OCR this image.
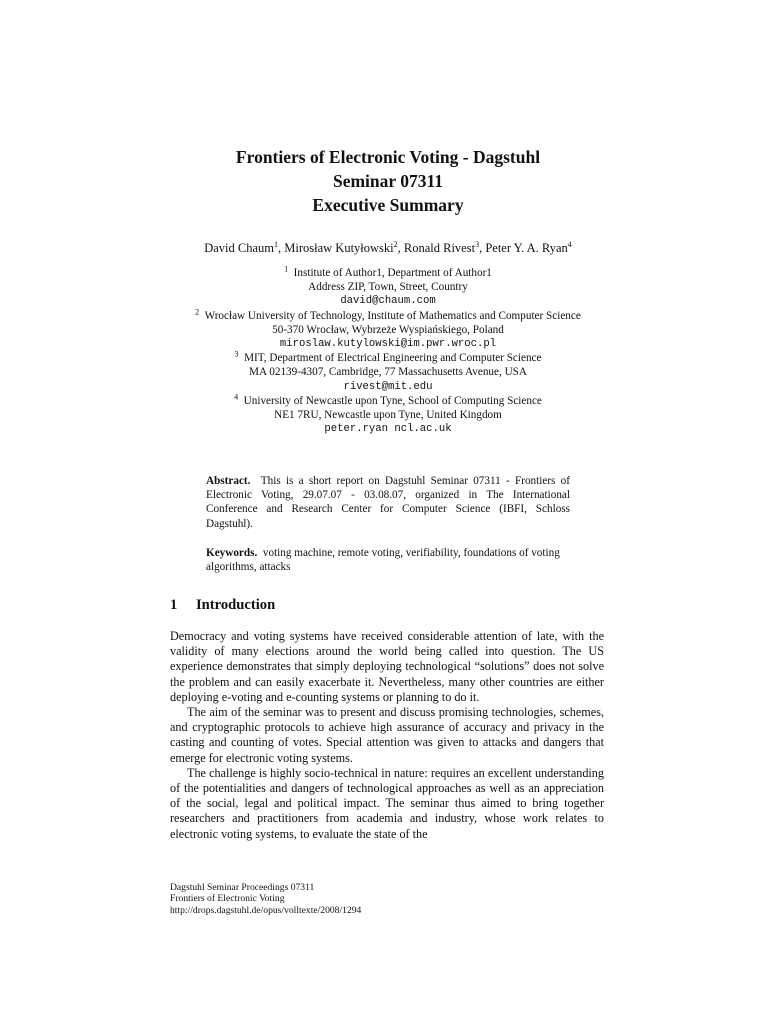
Frontiers of Electronic Voting - Dagstuhl
Seminar 07311
Executive Summary
David Chaum$^1$, Mirosław Kutyłowski$^2$, Ronald Rivest$^3$, Peter Y. A. Ryan$^4$
$^1$ Institute of Author1, Department of Author1
Address ZIP, Town, Street, Country
david@chaum.com
$^2$ Wrocław University of Technology, Institute of Mathematics and Computer Science
50-370 Wrocław, Wybrzeże Wyspiańskiego, Poland
miroslaw.kutylowski@im.pwr.wroc.pl
$^3$ MIT, Department of Electrical Engineering and Computer Science
MA 02139-4307, Cambridge, 77 Massachusetts Avenue, USA
rivest@mit.edu
$^4$ University of Newcastle upon Tyne, School of Computing Science
NE1 7RU, Newcastle upon Tyne, United Kingdom
peter.ryan ncl.ac.uk
Abstract. This is a short report on Dagstuhl Seminar 07311 - Frontiers of Electronic Voting, 29.07.07 - 03.08.07, organized in The International Conference and Research Center for Computer Science (IBFI, Schloss Dagstuhl).
Keywords. voting machine, remote voting, verifiability, foundations of voting algorithms, attacks
1 Introduction

Democracy and voting systems have received considerable attention of late, with the validity of many elections around the world being called into question. The US experience demonstrates that simply deploying technological “solutions” does not solve the problem and can easily exacerbate it. Nevertheless, many other countries are either deploying e-voting and e-counting systems or planning to do it.

The aim of the seminar was to present and discuss promising technologies, schemes, and cryptographic protocols to achieve high assurance of accuracy and privacy in the casting and counting of votes. Special attention was given to attacks and dangers that emerge for electronic voting systems.

The challenge is highly socio-technical in nature: requires an excellent understanding of the potentialities and dangers of technological approaches as well as an appreciation of the social, legal and political impact. The seminar thus aimed to bring together researchers and practitioners from academia and industry, whose work relates to electronic voting systems, to evaluate the state of the

Dagstuhl Seminar Proceedings 07311
Frontiers of Electronic Voting
http://drops.dagstuhl.de/opus/volltexte/2008/1294
